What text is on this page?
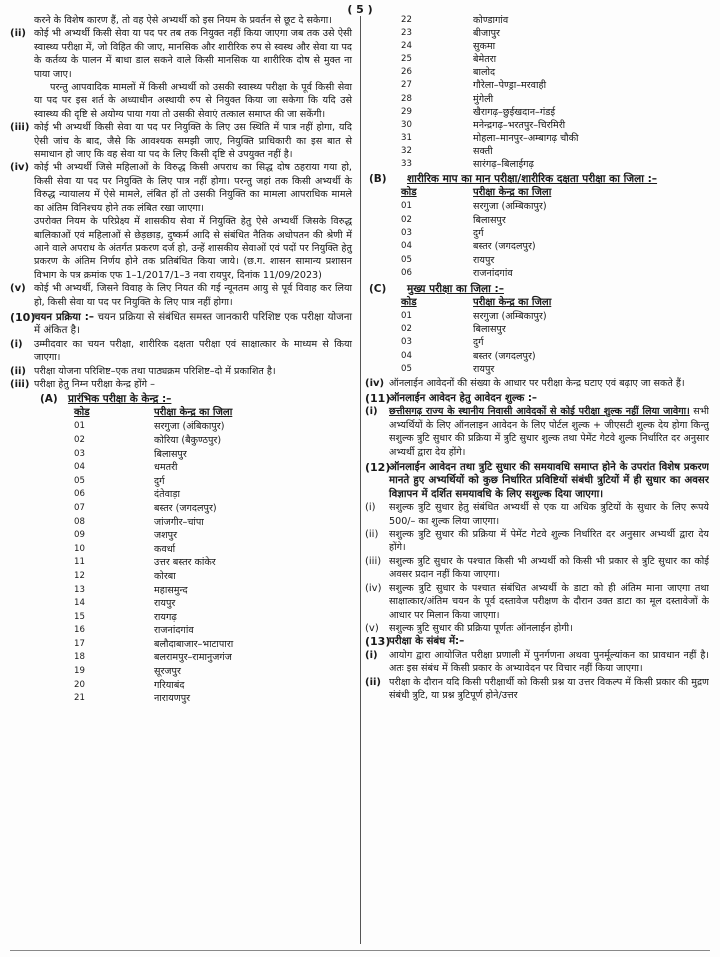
( 5 )
करने के विशेष कारण हैं, तो वह ऐसे अभ्यर्थी को इस नियम के प्रवर्तन से छूट दे सकेगा।
(ii) कोई भी अभ्यर्थी किसी सेवा या पद पर तब तक नियुक्त नहीं किया जाएगा जब तक उसे ऐसी स्वास्थ्य परीक्षा में, जो विहित की जाए, मानसिक और शारीरिक रुप से स्वस्थ और सेवा या पद के कर्तव्य के पालन में बाधा डाल सकने वाले किसी मानसिक या शारीरिक दोष से मुक्त ना पाया जाए।
परन्तु आपवादिक मामलों में किसी अभ्यर्थी को उसकी स्वास्थ्य परीक्षा के पूर्व किसी सेवा या पद पर इस शर्त के अध्याधीन अस्थायी रुप से नियुक्त किया जा सकेगा कि यदि उसे स्वास्थ्य की दृष्टि से अयोग्य पाया गया तो उसकी सेवाएं तत्काल समाप्त की जा सकेंगी।
(iii) कोई भी अभ्यर्थी किसी सेवा या पद पर नियुक्ति के लिए उस स्थिति में पात्र नहीं होगा, यदि ऐसी जांच के बाद, जैसे कि आवश्यक समझी जाए, नियुक्ति प्राधिकारी का इस बात से समाधान हो जाए कि वह सेवा या पद के लिए किसी दृष्टि से उपयुक्त नहीं है।
(iv) कोई भी अभ्यर्थी जिसे महिलाओं के विरुद्ध किसी अपराध का सिद्ध दोष ठहराया गया हो, किसी सेवा या पद पर नियुक्ति के लिए पात्र नहीं होगा। परन्तु जहां तक किसी अभ्यर्थी के विरुद्ध न्यायालय में ऐसे मामले, लंबित हों तो उसकी नियुक्ति का मामला आपराधिक मामले का अंतिम विनिश्चय होने तक लंबित रखा जाएगा।
उपरोक्त नियम के परिप्रेक्ष्य में शासकीय सेवा में नियुक्ति हेतु ऐसे अभ्यर्थी जिसके विरुद्ध बालिकाओं एवं महिलाओं से छेड़छाड़, दुष्कर्म आदि से संबंधित नैतिक अधोपतन की श्रेणी में आने वाले अपराध के अंतर्गत प्रकरण दर्ज हो, उन्हें शासकीय सेवाओं एवं पदों पर नियुक्ति हेतु प्रकरण के अंतिम निर्णय होने तक प्रतिबंधित किया जाये। (छ.ग. शासन सामान्य प्रशासन विभाग के पत्र क्रमांक एफ 1–1/2017/1–3 नवा रायपुर, दिनांक 11/09/2023)
(v) कोई भी अभ्यर्थी, जिसने विवाह के लिए नियत की गई न्यूनतम आयु से पूर्व विवाह कर लिया हो, किसी सेवा या पद पर नियुक्ति के लिए पात्र नहीं होगा।
(10)
चयन प्रक्रिया :– चयन प्रक्रिया से संबंधित समस्त जानकारी परिशिष्ट एक परीक्षा योजना में अंकित है।
(i) उम्मीदवार का चयन परीक्षा, शारीरिक दक्षता परीक्षा एवं साक्षात्कार के माध्यम से किया जाएगा।
(ii) परीक्षा योजना परिशिष्ट–एक तथा पाठ्यक्रम परिशिष्ट–दो में प्रकाशित है।
(iii) परीक्षा हेतु निम्न परीक्षा केन्द्र होंगे –
(A) प्रारंभिक परीक्षा के केन्द्र :–
कोड	परीक्षा केन्द्र का जिला
01	सरगुजा (अंबिकापुर)
02	कोरिया (बैकुण्ठपुर)
03	बिलासपुर
04	धमतरी
05	दुर्ग
06	दंतेवाड़ा
07	बस्तर (जगदलपुर)
08	जांजगीर–चांपा
09	जशपुर
10	कवर्धा
11	उत्तर बस्तर कांकेर
12	कोरबा
13	महासमुन्द
14	रायपुर
15	रायगढ़
16	राजनांदगांव
17	बलौदाबाजार–भाटापारा
18	बलरामपुर–रामानुजगंज
19	सूरजपुर
20	गरियाबंद
21	नारायणपुर
22	कोण्डागांव
23	बीजापुर
24	सुकमा
25	बेमेतरा
26	बालोद
27	गौरेला–पेण्ड्रा–मरवाही
28	मुंगेली
29	खैरागढ़–छुईखदान–गंडई
30	मनेन्द्रगढ़–भरतपुर–चिरमिरी
31	मोहला–मानपुर–अम्बागढ़ चौकी
32	सक्ती
33	सारंगढ़–बिलाईगढ़
(B) शारीरिक माप का मान परीक्षा/शारीरिक दक्षता परीक्षा का जिला :–
कोड	परीक्षा केन्द्र का जिला
01	सरगुजा (अम्बिकापुर)
02	बिलासपुर
03	दुर्ग
04	बस्तर (जगदलपुर)
05	रायपुर
06	राजनांदगांव
(C) मुख्य परीक्षा का जिला :–
कोड	परीक्षा केन्द्र का जिला
01	सरगुजा (अम्बिकापुर)
02	बिलासपुर
03	दुर्ग
04	बस्तर (जगदलपुर)
05	रायपुर
(iv) ऑनलाईन आवेदनों की संख्या के आधार पर परीक्षा केन्द्र घटाए एवं बढ़ाए जा सकते हैं।
(11)
ऑनलाईन आवेदन हेतु आवेदन शुल्क :–
(i) छत्तीसगढ़ राज्य के स्थानीय निवासी आवेदकों से कोई परीक्षा शुल्क नहीं लिया जावेगा। सभी अभ्यर्थियों के लिए ऑनलाइन आवेदन के लिए पोर्टल शुल्क + जीएसटी शुल्क देय होगा किन्तु सशुल्क त्रुटि सुधार की प्रक्रिया में त्रुटि सुधार शुल्क तथा पेमेंट गेटवे शुल्क निर्धारित दर अनुसार अभ्यर्थी द्वारा देय होंगे।
(12)
ऑनलाईन आवेदन तथा त्रुटि सुधार की समयावधि समाप्त होने के उपरांत विशेष प्रकरण मानते हुए अभ्यर्थियों को कुछ निर्धारित प्रविष्टियों संबंधी त्रुटियों में ही सुधार का अवसर विज्ञापन में दर्शित समयावधि के लिए सशुल्क दिया जाएगा।
(i) सशुल्क त्रुटि सुधार हेतु संबंधित अभ्यर्थी से एक या अधिक त्रुटियों के सुधार के लिए रूपये 500/– का शुल्क लिया जाएगा।
(ii) सशुल्क त्रुटि सुधार की प्रक्रिया में पेमेंट गेटवे शुल्क निर्धारित दर अनुसार अभ्यर्थी द्वारा देय होंगे।
(iii) सशुल्क त्रुटि सुधार के पश्चात किसी भी अभ्यर्थी को किसी भी प्रकार से त्रुटि सुधार का कोई अवसर प्रदान नहीं किया जाएगा।
(iv) सशुल्क त्रुटि सुधार के पश्चात संबंधित अभ्यर्थी के डाटा को ही अंतिम माना जाएगा तथा साक्षात्कार/अंतिम चयन के पूर्व दस्तावेज परीक्षण के दौरान उक्त डाटा का मूल दस्तावेजों के आधार पर मिलान किया जाएगा।
(v) सशुल्क त्रुटि सुधार की प्रक्रिया पूर्णतः ऑनलाईन होगी।
(13)
परीक्षा के संबंध में:–
(i) आयोग द्वारा आयोजित परीक्षा प्रणाली में पुनर्गणना अथवा पुनर्मूल्यांकन का प्रावधान नहीं है। अतः इस संबंध में किसी प्रकार के अभ्यावेदन पर विचार नहीं किया जाएगा।
(ii) परीक्षा के दौरान यदि किसी परीक्षार्थी को किसी प्रश्न या उत्तर विकल्प में किसी प्रकार की मुद्रण संबंधी त्रुटि, या प्रश्न त्रुटिपूर्ण होने/उत्तर
